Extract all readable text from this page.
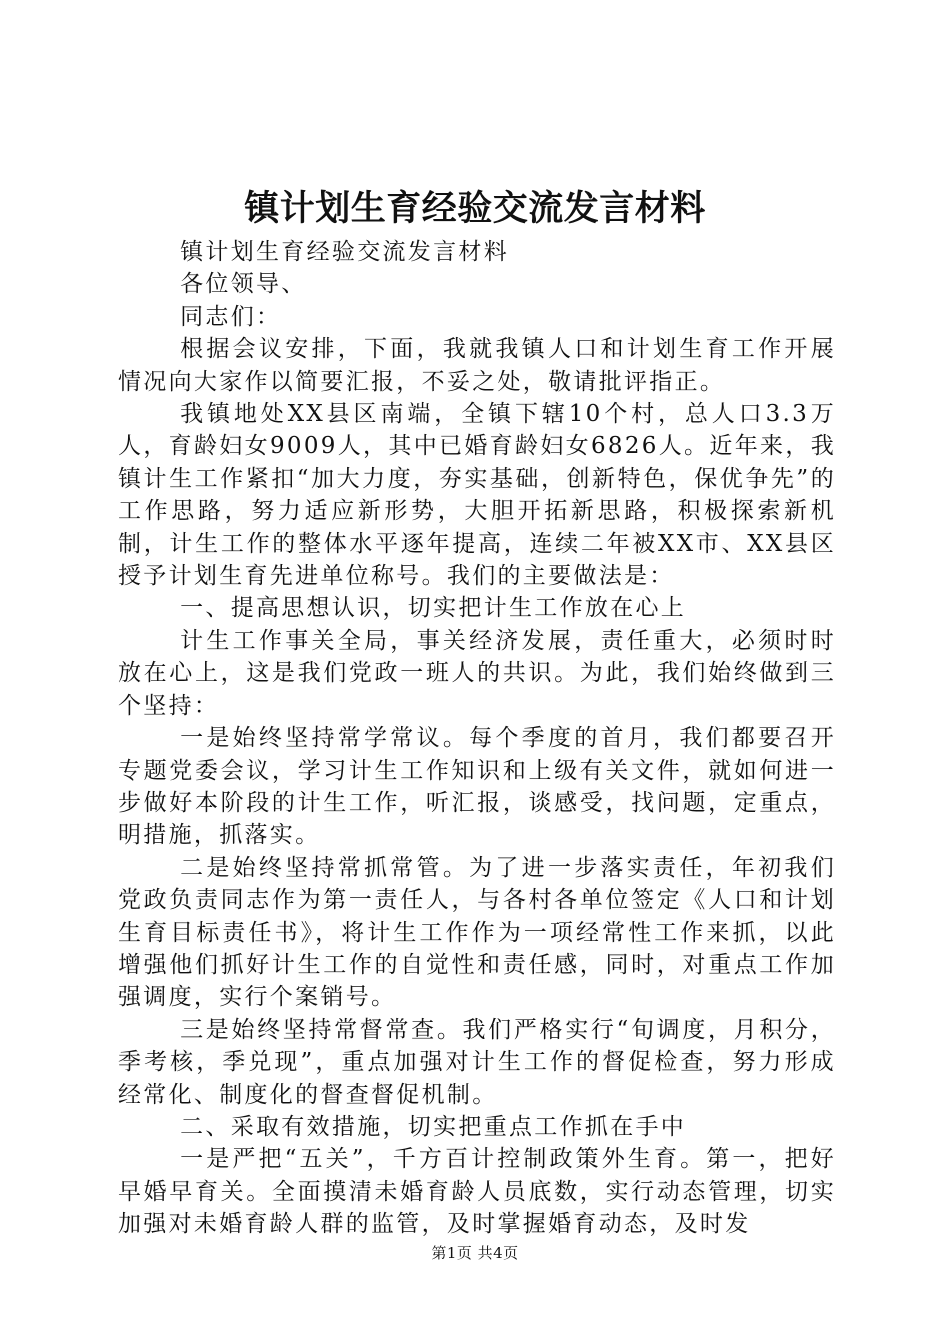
镇计划生育经验交流发言材料

镇计划生育经验交流发言材料

各位领导、

同志们：

根据会议安排，下面，我就我镇人口和计划生育工作开展情况向大家作以简要汇报，不妥之处，敬请批评指正。

我镇地处XX县区南端，全镇下辖10个村，总人口3.3万人，育龄妇女9009人，其中已婚育龄妇女6826人。近年来，我镇计生工作紧扣“加大力度，夯实基础，创新特色，保优争先”的工作思路，努力适应新形势，大胆开拓新思路，积极探索新机制，计生工作的整体水平逐年提高，连续二年被XX市、XX县区授予计划生育先进单位称号。我们的主要做法是：

一、提高思想认识，切实把计生工作放在心上

计生工作事关全局，事关经济发展，责任重大，必须时时放在心上，这是我们党政一班人的共识。为此，我们始终做到三个坚持：

一是始终坚持常学常议。每个季度的首月，我们都要召开专题党委会议，学习计生工作知识和上级有关文件，就如何进一步做好本阶段的计生工作，听汇报，谈感受，找问题，定重点，明措施，抓落实。

二是始终坚持常抓常管。为了进一步落实责任，年初我们党政负责同志作为第一责任人，与各村各单位签定《人口和计划生育目标责任书》，将计生工作作为一项经常性工作来抓，以此增强他们抓好计生工作的自觉性和责任感，同时，对重点工作加强调度，实行个案销号。

三是始终坚持常督常查。我们严格实行“旬调度，月积分，季考核，季兑现”，重点加强对计生工作的督促检查，努力形成经常化、制度化的督查督促机制。

二、采取有效措施，切实把重点工作抓在手中

一是严把“五关”，千方百计控制政策外生育。第一，把好早婚早育关。全面摸清未婚育龄人员底数，实行动态管理，切实加强对未婚育龄人群的监管，及时掌握婚育动态，及时发

第1页 共4页
